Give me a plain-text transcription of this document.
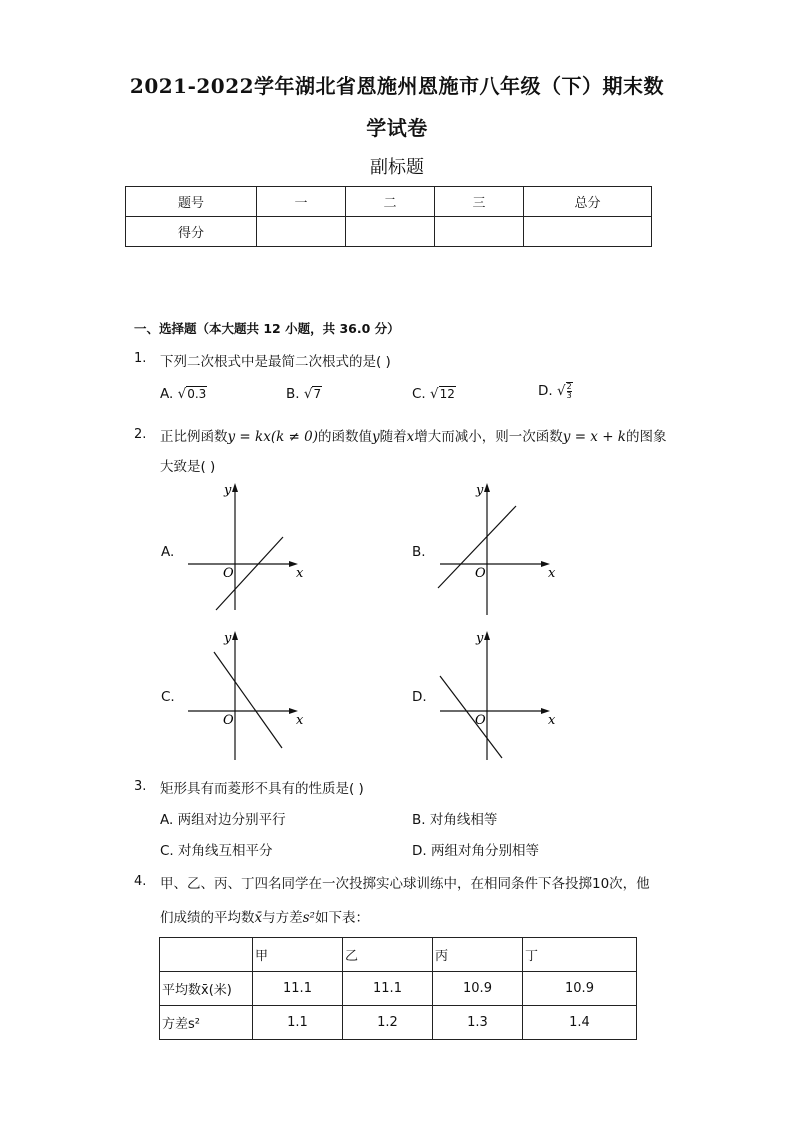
2021-2022学年湖北省恩施州恩施市八年级（下）期末数
学试卷
副标题
题号	一	二	三	总分
得分				
一、选择题（本大题共 12 小题，共 36.0 分）
1. 下列二次根式中是最简二次根式的是( )
A. √0.3	B. √7	C. √12	D. √ $\frac{2}{3}$
2. 正比例函数y = kx(k ≠ 0)的函数值y随着x增大而减小，则一次函数y = x + k的图象
大致是( )
A.
y
x
O
B.
y
x
O
C.
y
x
O
D.
y
x
O
3. 矩形具有而菱形不具有的性质是( )
A. 两组对边分别平行	B. 对角线相等
C. 对角线互相平分	D. 两组对角分别相等
4. 甲、乙、丙、丁四名同学在一次投掷实心球训练中，在相同条件下各投掷10次，他
们成绩的平均数x̄与方差s²如下表：
	甲	乙	丙	丁
平均数x̄(米)	11.1	11.1	10.9	10.9
方差s²	1.1	1.2	1.3	1.4
